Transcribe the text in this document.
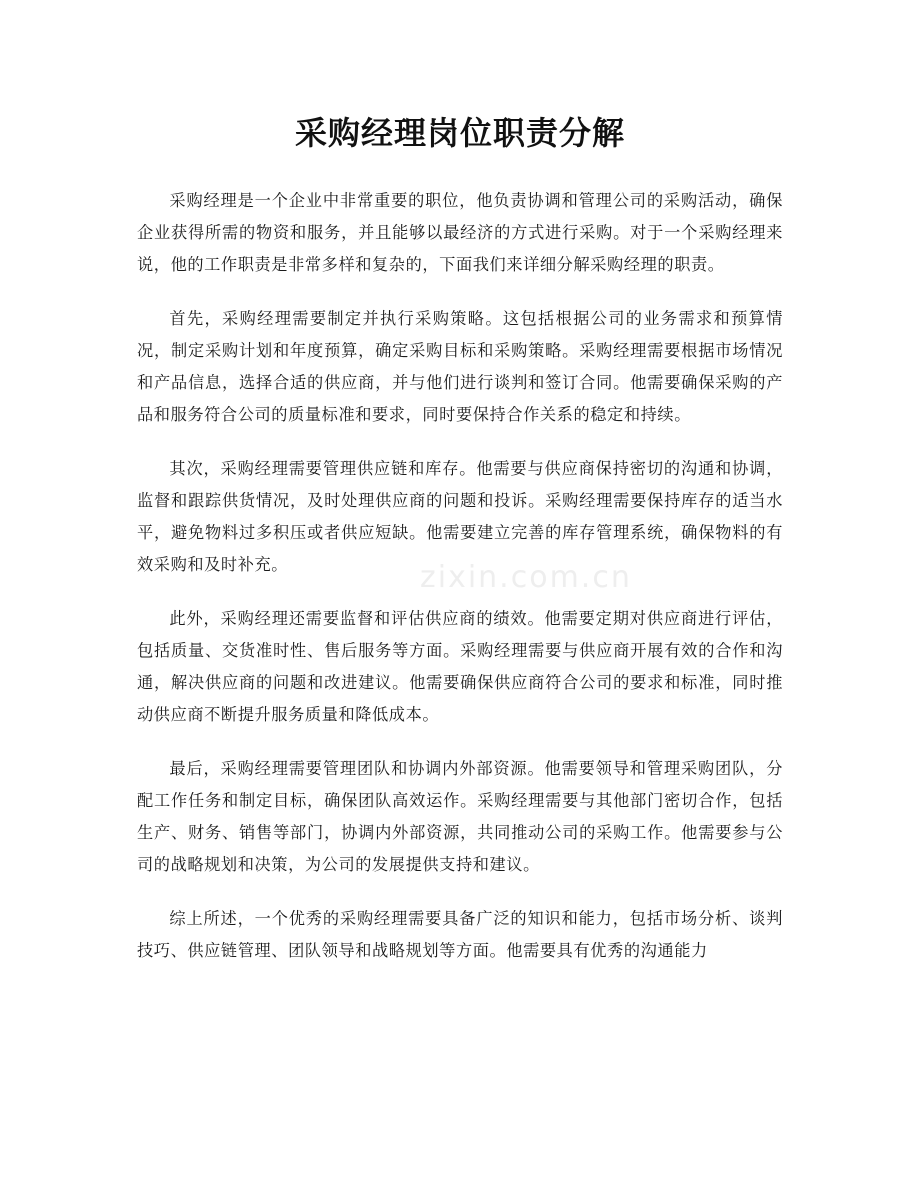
采购经理岗位职责分解

采购经理是一个企业中非常重要的职位，他负责协调和管理公司的采购活动，确保企业获得所需的物资和服务，并且能够以最经济的方式进行采购。对于一个采购经理来说，他的工作职责是非常多样和复杂的，下面我们来详细分解采购经理的职责。

首先，采购经理需要制定并执行采购策略。这包括根据公司的业务需求和预算情况，制定采购计划和年度预算，确定采购目标和采购策略。采购经理需要根据市场情况和产品信息，选择合适的供应商，并与他们进行谈判和签订合同。他需要确保采购的产品和服务符合公司的质量标准和要求，同时要保持合作关系的稳定和持续。

其次，采购经理需要管理供应链和库存。他需要与供应商保持密切的沟通和协调，监督和跟踪供货情况，及时处理供应商的问题和投诉。采购经理需要保持库存的适当水平，避免物料过多积压或者供应短缺。他需要建立完善的库存管理系统，确保物料的有效采购和及时补充。

此外，采购经理还需要监督和评估供应商的绩效。他需要定期对供应商进行评估，包括质量、交货准时性、售后服务等方面。采购经理需要与供应商开展有效的合作和沟通，解决供应商的问题和改进建议。他需要确保供应商符合公司的要求和标准，同时推动供应商不断提升服务质量和降低成本。

最后，采购经理需要管理团队和协调内外部资源。他需要领导和管理采购团队，分配工作任务和制定目标，确保团队高效运作。采购经理需要与其他部门密切合作，包括生产、财务、销售等部门，协调内外部资源，共同推动公司的采购工作。他需要参与公司的战略规划和决策，为公司的发展提供支持和建议。

综上所述，一个优秀的采购经理需要具备广泛的知识和能力，包括市场分析、谈判技巧、供应链管理、团队领导和战略规划等方面。他需要具有优秀的沟通能力

zixin.com.cn
